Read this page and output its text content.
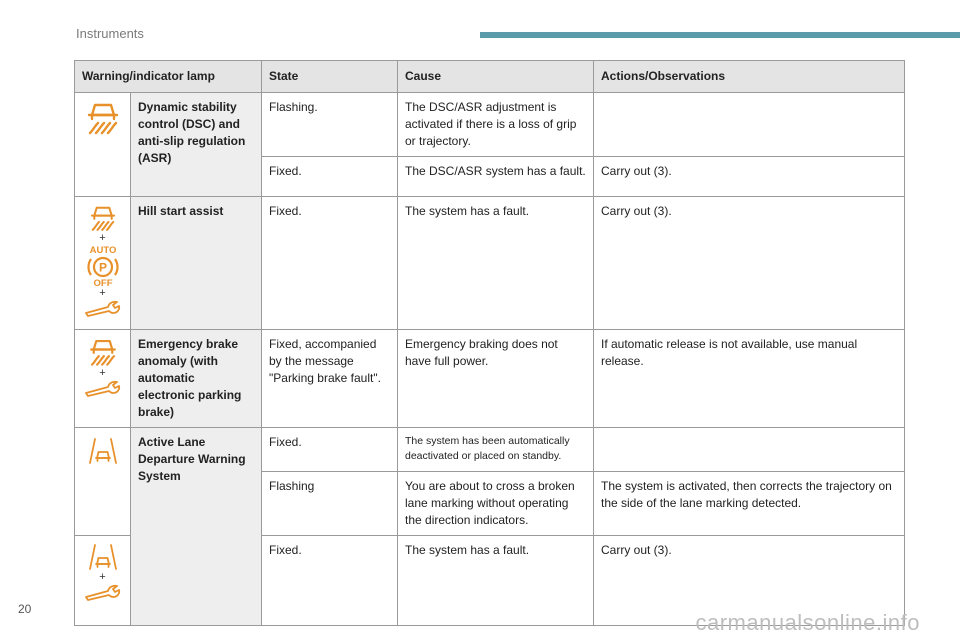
Instruments
Warning/indicator lamp		State	Cause	Actions/Observations

	Dynamic stability control (DSC) and anti-slip regulation (ASR)	Flashing.	The DSC/ASR adjustment is activated if there is a loss of grip or trajectory.	
		Fixed.	The DSC/ASR system has a fault.	Carry out (3).

+
AUTO
P
OFF
+	Hill start assist	Fixed.	The system has a fault.	Carry out (3).

+	Emergency brake anomaly (with automatic electronic parking brake)	Fixed, accompanied by the message "Parking brake fault".	Emergency braking does not have full power.	If automatic release is not available, use manual release.

	Active Lane Departure Warning System	Fixed.	The system has been automatically deactivated or placed on standby.	
		Flashing	You are about to cross a broken lane marking without operating the direction indicators.	The system is activated, then corrects the trajectory on the side of the lane marking detected.

+		Fixed.	The system has a fault.	Carry out (3).
20
carmanualsonline.info
